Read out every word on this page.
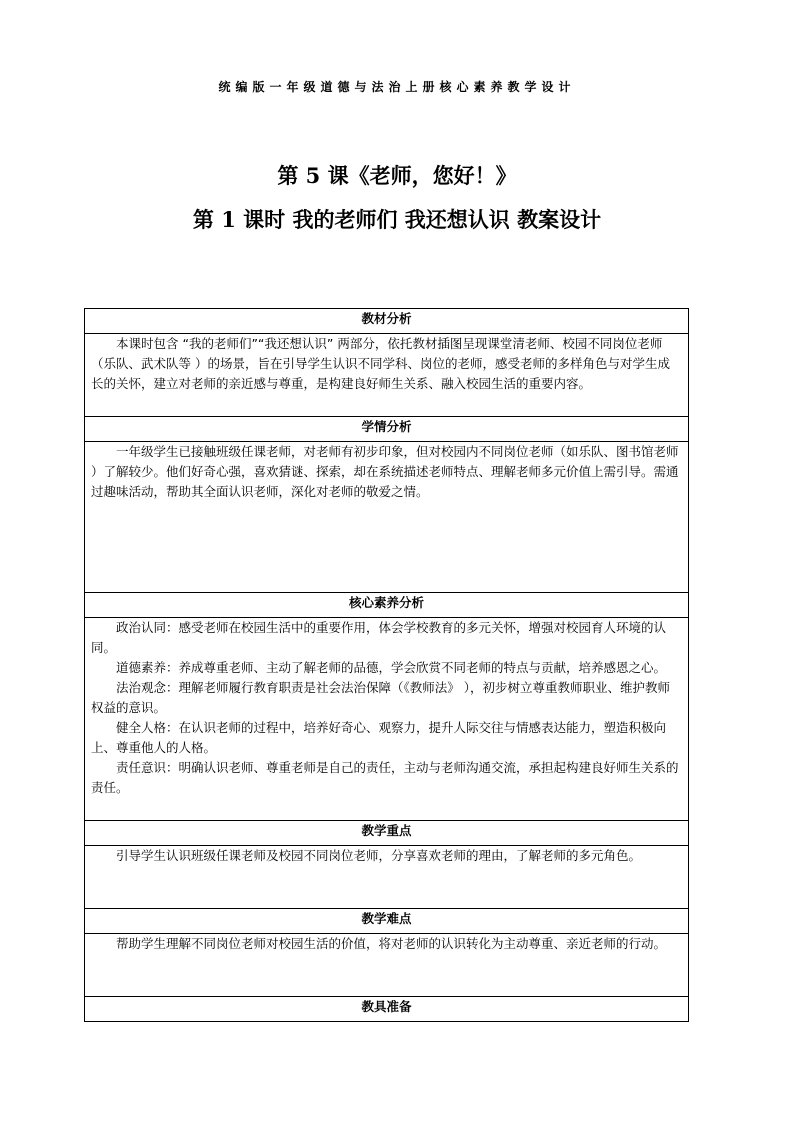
统编版一年级道德与法治上册核心素养教学设计
第 5 课《老师，您好！》
第 1 课时 我的老师们 我还想认识 教案设计
教材分析

本课时包含 “我的老师们”“我还想认识” 两部分，依托教材插图呈现课堂清老师、校园不同岗位老师（乐队、武术队等 ）的场景，旨在引导学生认识不同学科、岗位的老师，感受老师的多样角色与对学生成长的关怀，建立对老师的亲近感与尊重，是构建良好师生关系、融入校园生活的重要内容。

学情分析

一年级学生已接触班级任课老师，对老师有初步印象，但对校园内不同岗位老师（如乐队、图书馆老师 ）了解较少。他们好奇心强，喜欢猜谜、探索，却在系统描述老师特点、理解老师多元价值上需引导。需通过趣味活动，帮助其全面认识老师，深化对老师的敬爱之情。

核心素养分析

政治认同：感受老师在校园生活中的重要作用，体会学校教育的多元关怀，增强对校园育人环境的认同。

道德素养：养成尊重老师、主动了解老师的品德，学会欣赏不同老师的特点与贡献，培养感恩之心。

法治观念：理解老师履行教育职责是社会法治保障（《教师法》 ），初步树立尊重教师职业、维护教师权益的意识。

健全人格：在认识老师的过程中，培养好奇心、观察力，提升人际交往与情感表达能力，塑造积极向上、尊重他人的人格。

责任意识：明确认识老师、尊重老师是自己的责任，主动与老师沟通交流，承担起构建良好师生关系的责任。

教学重点

引导学生认识班级任课老师及校园不同岗位老师，分享喜欢老师的理由，了解老师的多元角色。

教学难点

帮助学生理解不同岗位老师对校园生活的价值，将对老师的认识转化为主动尊重、亲近老师的行动。

教具准备
